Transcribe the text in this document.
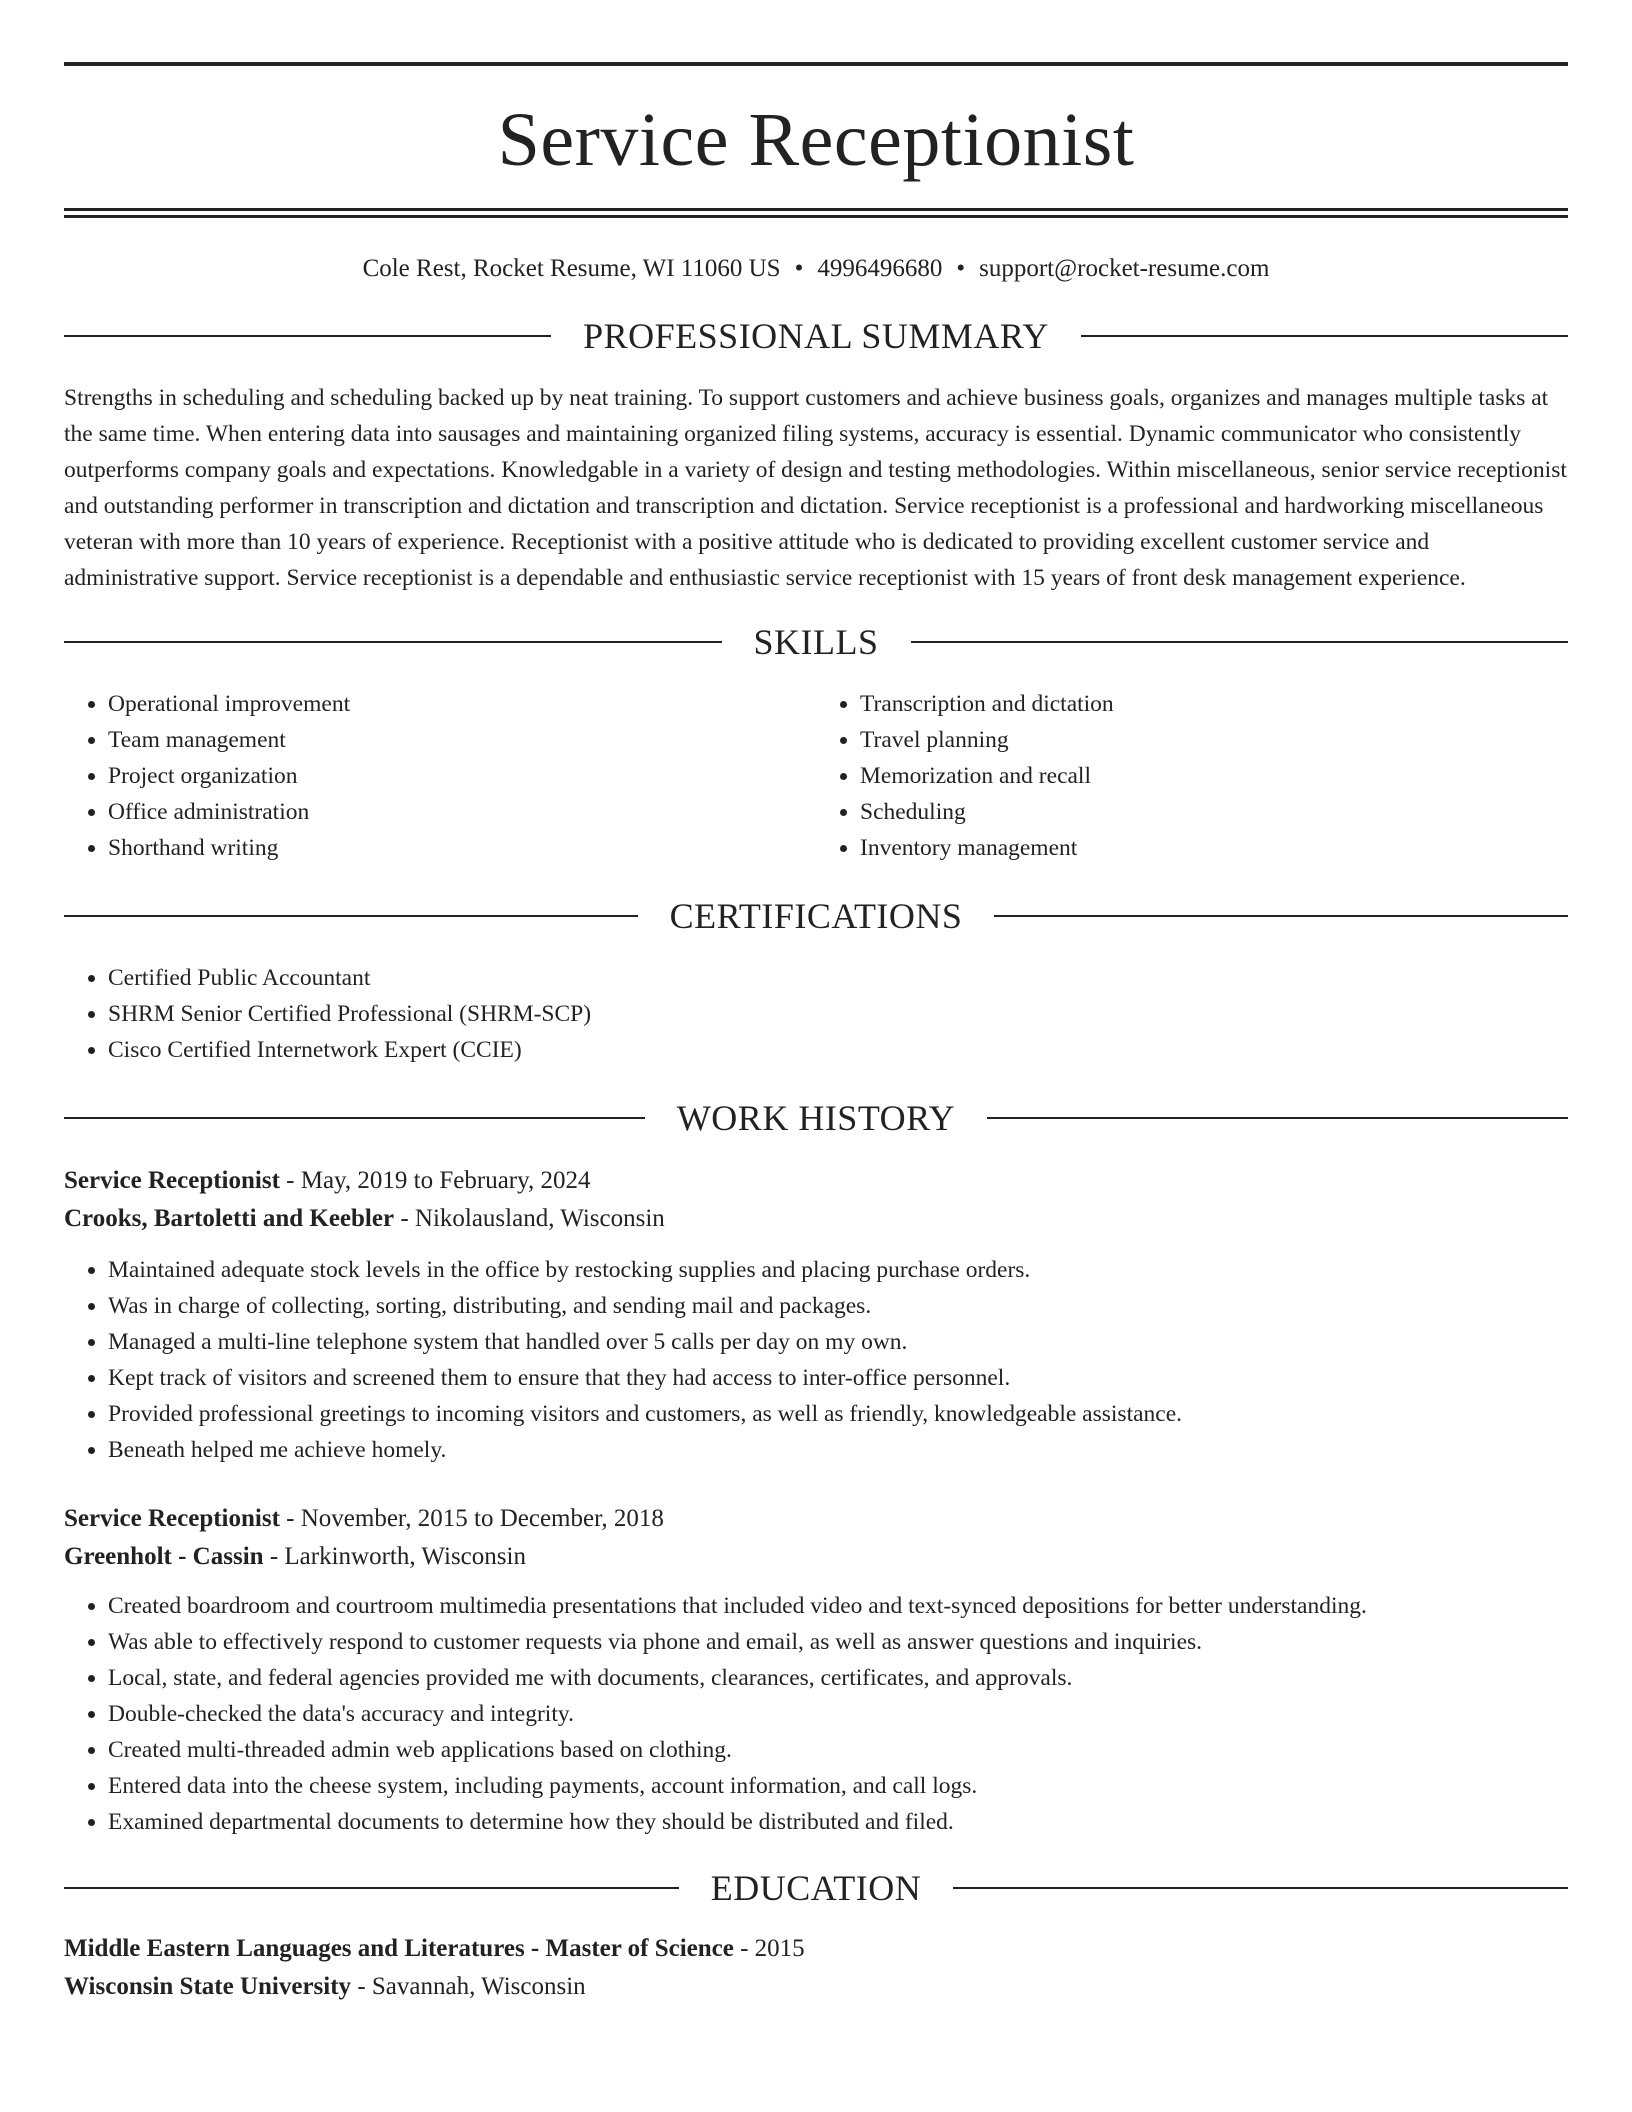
Service Receptionist
Cole Rest, Rocket Resume, WI 11060 US • 4996496680 • support@rocket-resume.com
PROFESSIONAL SUMMARY

Strengths in scheduling and scheduling backed up by neat training. To support customers and achieve business goals, organizes and manages multiple tasks at the same time. When entering data into sausages and maintaining organized filing systems, accuracy is essential. Dynamic communicator who consistently outperforms company goals and expectations. Knowledgable in a variety of design and testing methodologies. Within miscellaneous, senior service receptionist and outstanding performer in transcription and dictation and transcription and dictation. Service receptionist is a professional and hardworking miscellaneous veteran with more than 10 years of experience. Receptionist with a positive attitude who is dedicated to providing excellent customer service and administrative support. Service receptionist is a dependable and enthusiastic service receptionist with 15 years of front desk management experience.

SKILLS
• Operational improvement
• Team management
• Project organization
• Office administration
• Shorthand writing
• Transcription and dictation
• Travel planning
• Memorization and recall
• Scheduling
• Inventory management
CERTIFICATIONS
• Certified Public Accountant
• SHRM Senior Certified Professional (SHRM-SCP)
• Cisco Certified Internetwork Expert (CCIE)
WORK HISTORY

Service Receptionist - May, 2019 to February, 2024

Crooks, Bartoletti and Keebler - Nikolausland, Wisconsin

• Maintained adequate stock levels in the office by restocking supplies and placing purchase orders.
• Was in charge of collecting, sorting, distributing, and sending mail and packages.
• Managed a multi-line telephone system that handled over 5 calls per day on my own.
• Kept track of visitors and screened them to ensure that they had access to inter-office personnel.
• Provided professional greetings to incoming visitors and customers, as well as friendly, knowledgeable assistance.
• Beneath helped me achieve homely.

Service Receptionist - November, 2015 to December, 2018

Greenholt - Cassin - Larkinworth, Wisconsin

• Created boardroom and courtroom multimedia presentations that included video and text-synced depositions for better understanding.
• Was able to effectively respond to customer requests via phone and email, as well as answer questions and inquiries.
• Local, state, and federal agencies provided me with documents, clearances, certificates, and approvals.
• Double-checked the data's accuracy and integrity.
• Created multi-threaded admin web applications based on clothing.
• Entered data into the cheese system, including payments, account information, and call logs.
• Examined departmental documents to determine how they should be distributed and filed.
EDUCATION

Middle Eastern Languages and Literatures - Master of Science - 2015

Wisconsin State University - Savannah, Wisconsin
